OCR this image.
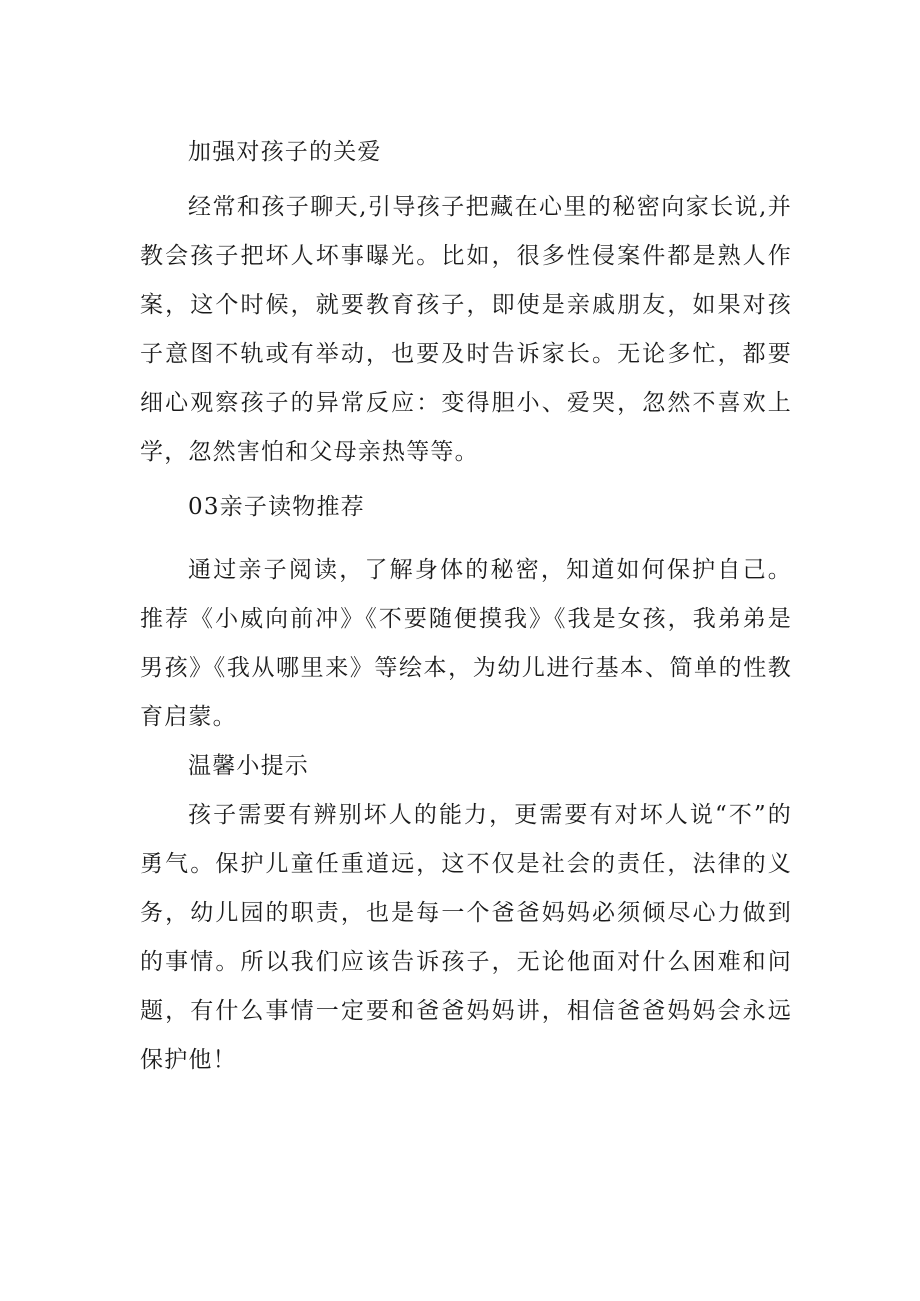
加强对孩子的关爱

经常和孩子聊天,引导孩子把藏在心里的秘密向家长说,并教会孩子把坏人坏事曝光。比如，很多性侵案件都是熟人作案，这个时候，就要教育孩子，即使是亲戚朋友，如果对孩子意图不轨或有举动，也要及时告诉家长。无论多忙，都要细心观察孩子的异常反应：变得胆小、爱哭，忽然不喜欢上学，忽然害怕和父母亲热等等。

03亲子读物推荐

通过亲子阅读，了解身体的秘密，知道如何保护自己。推荐《小威向前冲》《不要随便摸我》《我是女孩，我弟弟是男孩》《我从哪里来》等绘本，为幼儿进行基本、简单的性教育启蒙。

温馨小提示

孩子需要有辨别坏人的能力，更需要有对坏人说“不”的勇气。保护儿童任重道远，这不仅是社会的责任，法律的义务，幼儿园的职责，也是每一个爸爸妈妈必须倾尽心力做到的事情。所以我们应该告诉孩子，无论他面对什么困难和问题，有什么事情一定要和爸爸妈妈讲，相信爸爸妈妈会永远保护他！
